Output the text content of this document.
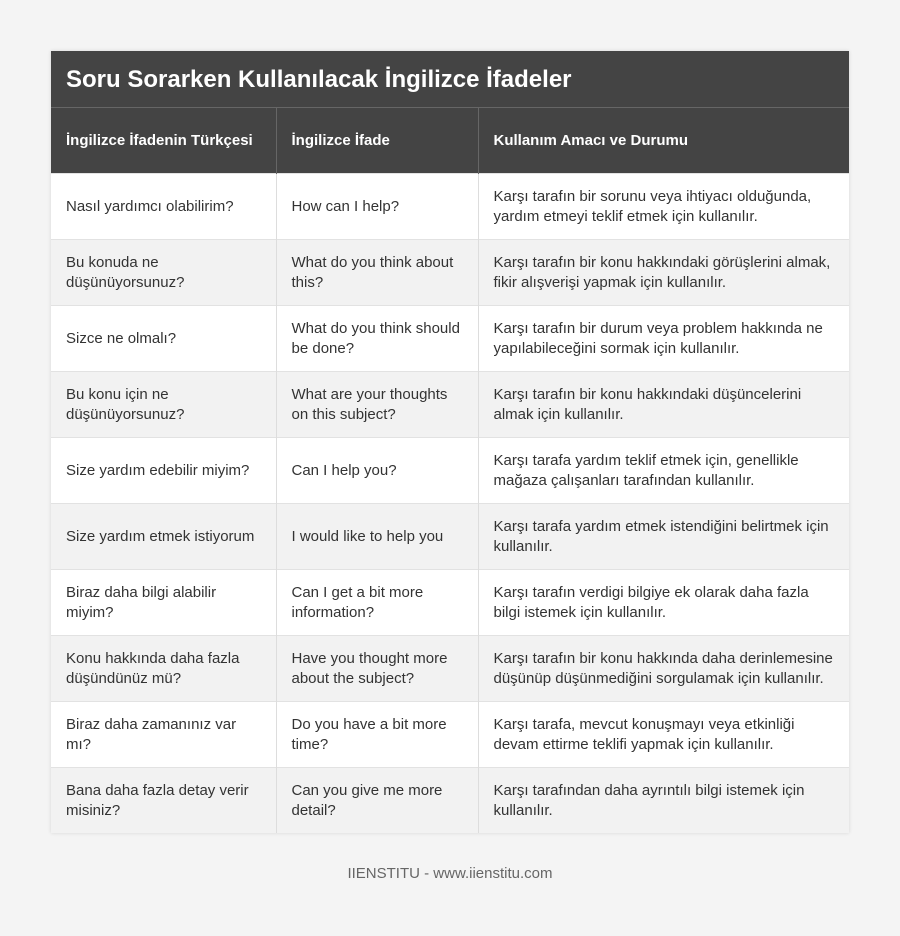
Soru Sorarken Kullanılacak İngilizce İfadeler
İngilizce İfadenin Türkçesi	İngilizce İfade	Kullanım Amacı ve Durumu
Nasıl yardımcı olabilirim?	How can I help?	Karşı tarafın bir sorunu veya ihtiyacı olduğunda, yardım etmeyi teklif etmek için kullanılır.
Bu konuda ne düşünüyorsunuz?	What do you think about this?	Karşı tarafın bir konu hakkındaki görüşlerini almak, fikir alışverişi yapmak için kullanılır.
Sizce ne olmalı?	What do you think should be done?	Karşı tarafın bir durum veya problem hakkında ne yapılabileceğini sormak için kullanılır.
Bu konu için ne düşünüyorsunuz?	What are your thoughts on this subject?	Karşı tarafın bir konu hakkındaki düşüncelerini almak için kullanılır.
Size yardım edebilir miyim?	Can I help you?	Karşı tarafa yardım teklif etmek için, genellikle mağaza çalışanları tarafından kullanılır.
Size yardım etmek istiyorum	I would like to help you	Karşı tarafa yardım etmek istendiğini belirtmek için kullanılır.
Biraz daha bilgi alabilir miyim?	Can I get a bit more information?	Karşı tarafın verdigi bilgiye ek olarak daha fazla bilgi istemek için kullanılır.
Konu hakkında daha fazla düşündünüz mü?	Have you thought more about the subject?	Karşı tarafın bir konu hakkında daha derinlemesine düşünüp düşünmediğini sorgulamak için kullanılır.
Biraz daha zamanınız var mı?	Do you have a bit more time?	Karşı tarafa, mevcut konuşmayı veya etkinliği devam ettirme teklifi yapmak için kullanılır.
Bana daha fazla detay verir misiniz?	Can you give me more detail?	Karşı tarafından daha ayrıntılı bilgi istemek için kullanılır.
IIENSTITU - www.iienstitu.com
